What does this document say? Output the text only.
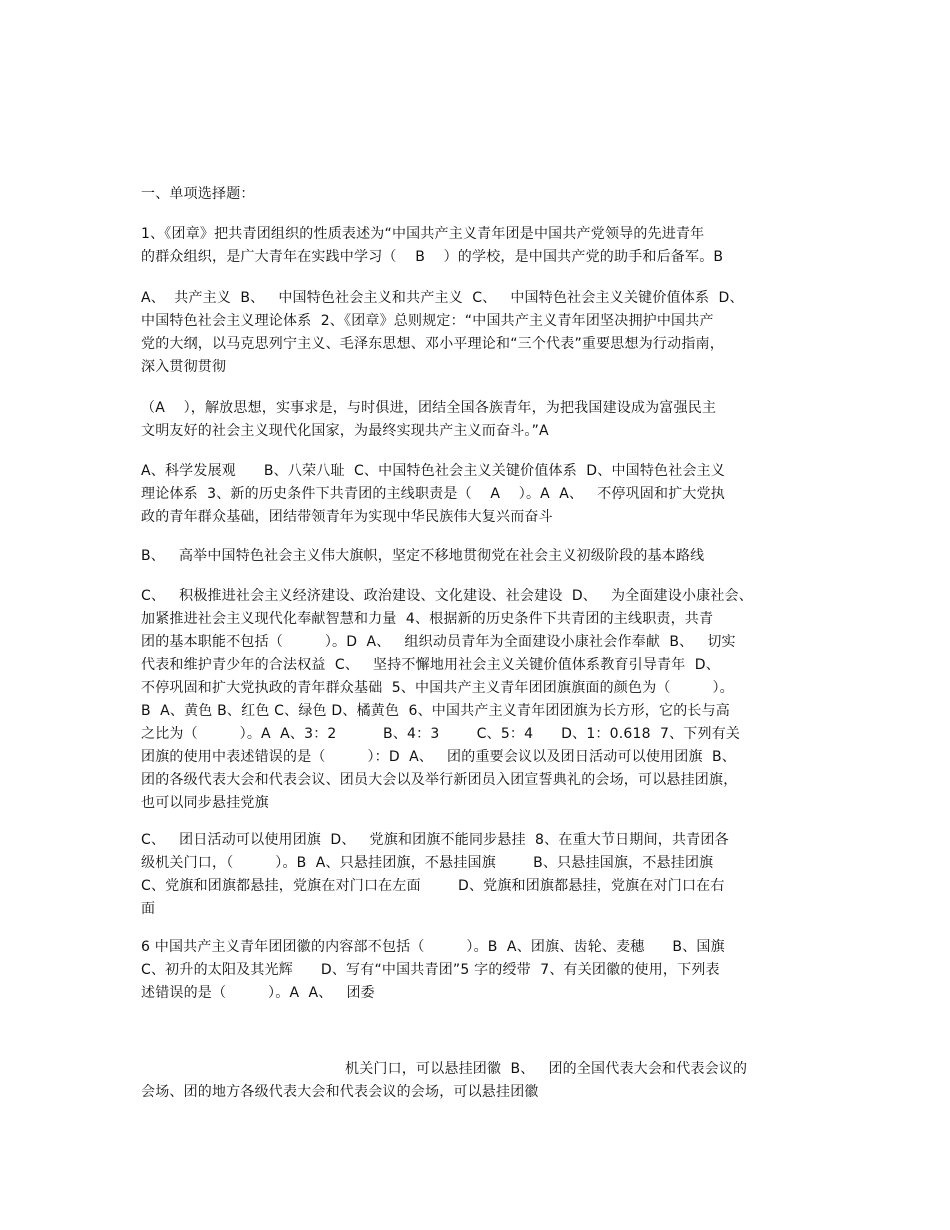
一、单项选择题：
1、《团章》把共青团组织的性质表述为“中国共产主义青年团是中国共产党领导的先进青年
的群众组织，是广大青年在实践中学习（    B    ）的学校，是中国共产党的助手和后备军。B
A、  共产主义  B、   中国特色社会主义和共产主义  C、   中国特色社会主义关键价值体系  D、
中国特色社会主义理论体系  2、《团章》总则规定：“中国共产主义青年团坚决拥护中国共产
党的大纲，以马克思列宁主义、毛泽东思想、邓小平理论和“三个代表”重要思想为行动指南，
深入贯彻贯彻
（A    ），解放思想，实事求是，与时俱进，团结全国各族青年，为把我国建设成为富强民主
文明友好的社会主义现代化国家，为最终实现共产主义而奋斗。”A
A、科学发展观      B、八荣八耻  C、中国特色社会主义关键价值体系  D、中国特色社会主义
理论体系  3、新的历史条件下共青团的主线职责是（    A    ）。A  A、   不停巩固和扩大党执
政的青年群众基础，团结带领青年为实现中华民族伟大复兴而奋斗
B、   高举中国特色社会主义伟大旗帜，坚定不移地贯彻党在社会主义初级阶段的基本路线
C、   积极推进社会主义经济建设、政治建设、文化建设、社会建设  D、   为全面建设小康社会、
加紧推进社会主义现代化奉献智慧和力量  4、根据新的历史条件下共青团的主线职责，共青
团的基本职能不包括（         ）。D  A、   组织动员青年为全面建设小康社会作奉献  B、   切实
代表和维护青少年的合法权益  C、   坚持不懈地用社会主义关键价值体系教育引导青年  D、
不停巩固和扩大党执政的青年群众基础  5、中国共产主义青年团团旗旗面的颜色为（         ）。
B  A、黄色 B、红色 C、绿色 D、橘黄色  6、中国共产主义青年团团旗为长方形，它的长与高
之比为（         ）。A  A、3：2          B、4：3        C、5：4      D、1：0.618  7、下列有关
团旗的使用中表述错误的是（         ）：D  A、   团的重要会议以及团日活动可以使用团旗  B、
团的各级代表大会和代表会议、团员大会以及举行新团员入团宣誓典礼的会场，可以悬挂团旗，
也可以同步悬挂党旗
C、   团日活动可以使用团旗  D、   党旗和团旗不能同步悬挂  8、在重大节日期间，共青团各
级机关门口，（         ）。B  A、只悬挂团旗，不悬挂国旗        B、只悬挂国旗，不悬挂团旗
C、党旗和团旗都悬挂，党旗在对门口在左面        D、党旗和团旗都悬挂，党旗在对门口在右
面
6 中国共产主义青年团团徽的内容部不包括（         ）。B  A、团旗、齿轮、麦穗      B、国旗
C、初升的太阳及其光辉      D、写有“中国共青团”5 字的绶带  7、有关团徽的使用，下列表
述错误的是（         ）。A  A、   团委
机关门口，可以悬挂团徽  B、   团的全国代表大会和代表会议的
会场、团的地方各级代表大会和代表会议的会场，可以悬挂团徽
